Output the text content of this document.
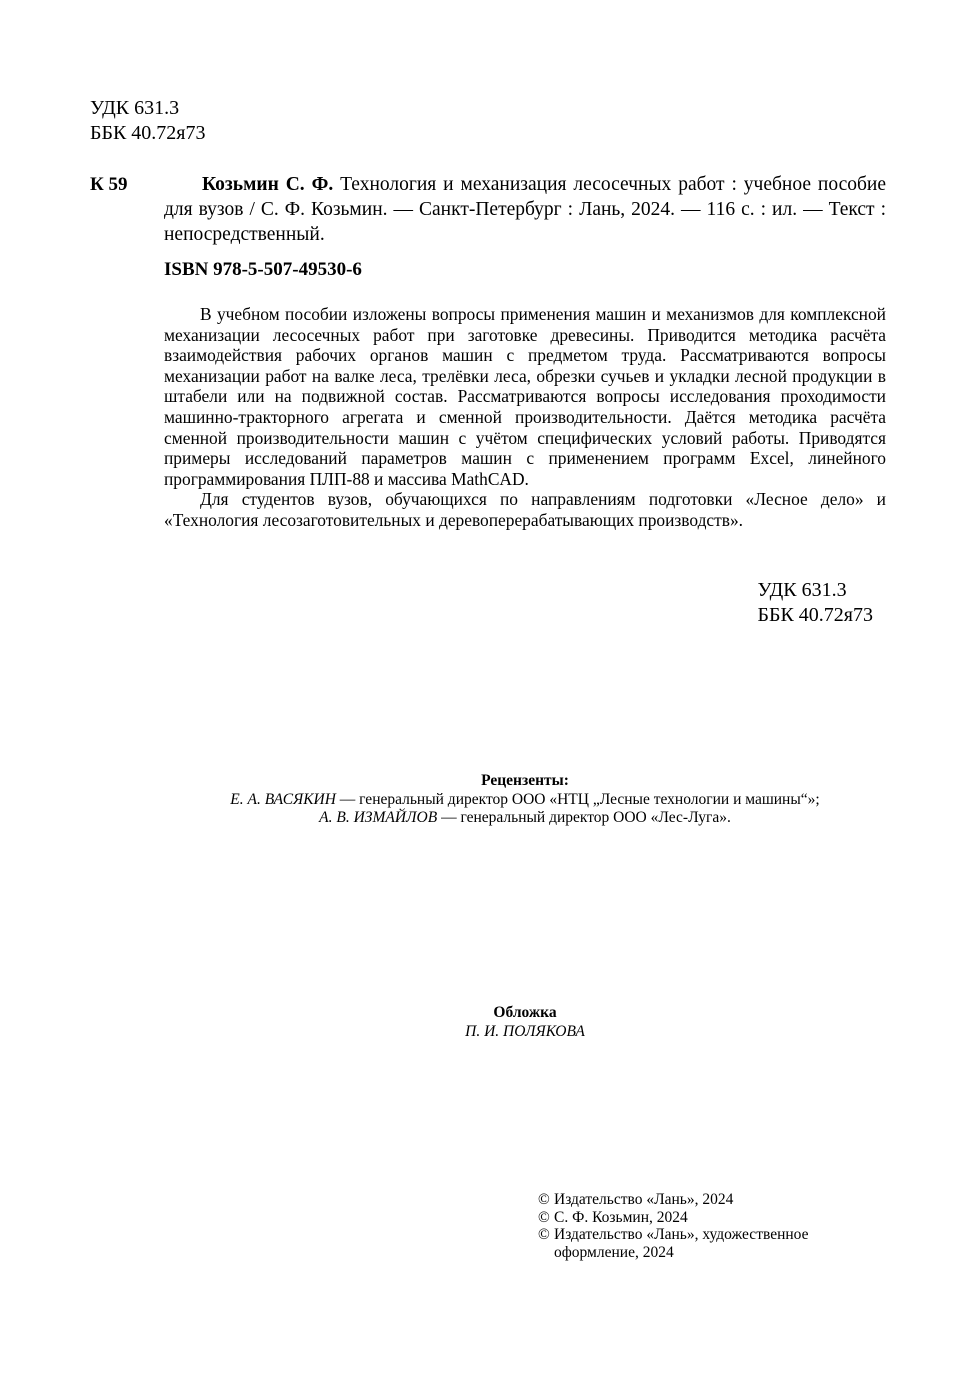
УДК 631.3
ББК 40.72я73
К 59	Козьмин С. Ф. Технология и механизация лесосечных работ : учебное пособие для вузов / С. Ф. Козьмин. — Санкт-Петербург : Лань, 2024. — 116 с. : ил. — Текст : непосредственный.
ISBN 978-5-507-49530-6

В учебном пособии изложены вопросы применения машин и механизмов для комплексной механизации лесосечных работ при заготовке древесины. Приводится методика расчёта взаимодействия рабочих органов машин с предметом труда. Рассматриваются вопросы механизации работ на валке леса, трелёвки леса, обрезки сучьев и укладки лесной продукции в штабели или на подвижной состав. Рассматриваются вопросы исследования проходимости машинно-тракторного агрегата и сменной производительности. Даётся методика расчёта сменной производительности машин с учётом специфических условий работы. Приводятся примеры исследований параметров машин с применением программ Excel, линейного программирования ПЛП-88 и массива MathCAD.

Для студентов вузов, обучающихся по направлениям подготовки «Лесное дело» и «Технология лесозаготовительных и деревоперерабатывающих производств».

УДК 631.3
ББК 40.72я73
Рецензенты:
Е. А. ВАСЯКИН — генеральный директор ООО «НТЦ „Лесные технологии и машины“»;
А. В. ИЗМАЙЛОВ — генеральный директор ООО «Лес-Луга».
Обложка
П. И. ПОЛЯКОВА
© Издательство «Лань», 2024
© С. Ф. Козьмин, 2024
© Издательство «Лань», художественное оформление, 2024
